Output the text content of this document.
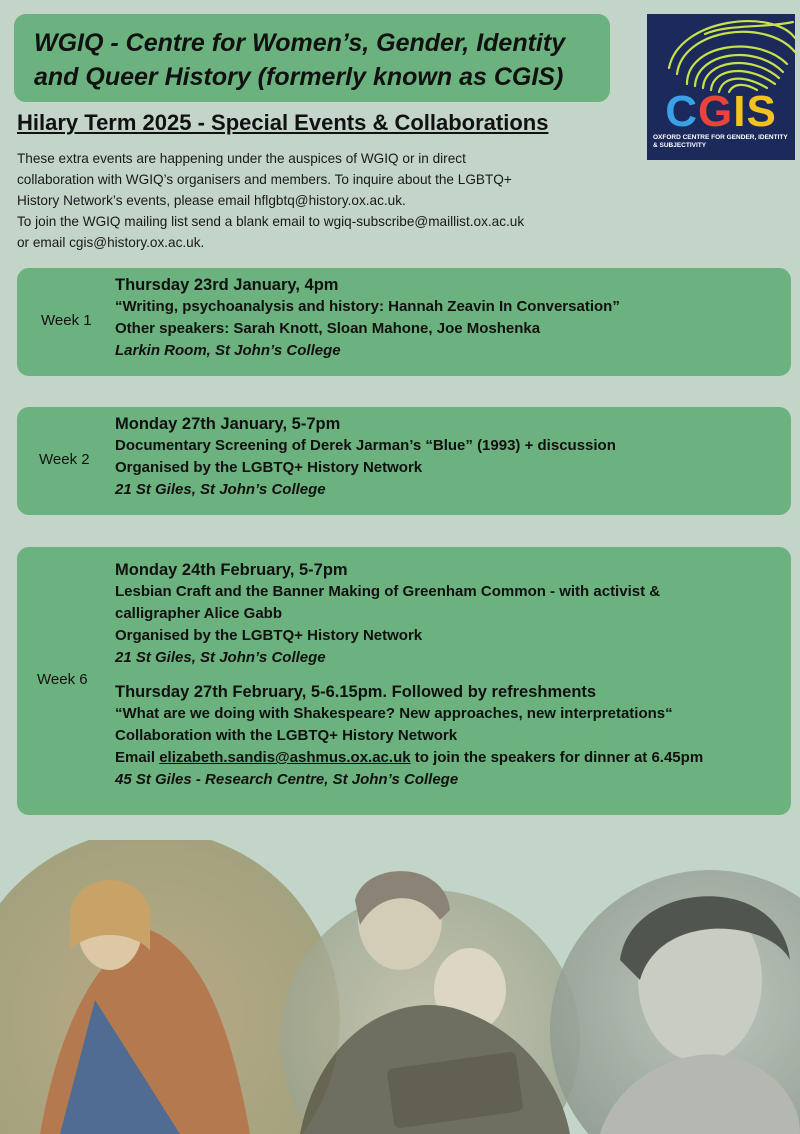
WGIQ - Centre for Women’s, Gender, Identity and Queer History (formerly known as CGIS)
CGIS
OXFORD CENTRE FOR GENDER, IDENTITY & SUBJECTIVITY
Hilary Term 2025 - Special Events & Collaborations

These extra events are happening under the auspices of WGIQ or in direct

collaboration with WGIQ’s organisers and members. To inquire about the LGBTQ+

History Network’s events, please email hflgbtq@history.ox.ac.uk.

To join the WGIQ mailing list send a blank email to wgiq-subscribe@maillist.ox.ac.uk

or email cgis@history.ox.ac.uk.

Week 1
Thursday 23rd January, 4pm
“Writing, psychoanalysis and history: Hannah Zeavin In Conversation”
Other speakers: Sarah Knott, Sloan Mahone, Joe Moshenka
Larkin Room, St John’s College
Week 2
Monday 27th January, 5-7pm
Documentary Screening of Derek Jarman’s “Blue” (1993) + discussion
Organised by the LGBTQ+ History Network
21 St Giles, St John’s College
Week 6
Monday 24th February, 5-7pm
Lesbian Craft and the Banner Making of Greenham Common - with activist &
calligrapher Alice Gabb
Organised by the LGBTQ+ History Network
21 St Giles, St John’s College
Thursday 27th February, 5-6.15pm. Followed by refreshments
“What are we doing with Shakespeare? New approaches, new interpretations“
Collaboration with the LGBTQ+ History Network
Email elizabeth.sandis@ashmus.ox.ac.uk to join the speakers for dinner at 6.45pm
45 St Giles - Research Centre, St John’s College
